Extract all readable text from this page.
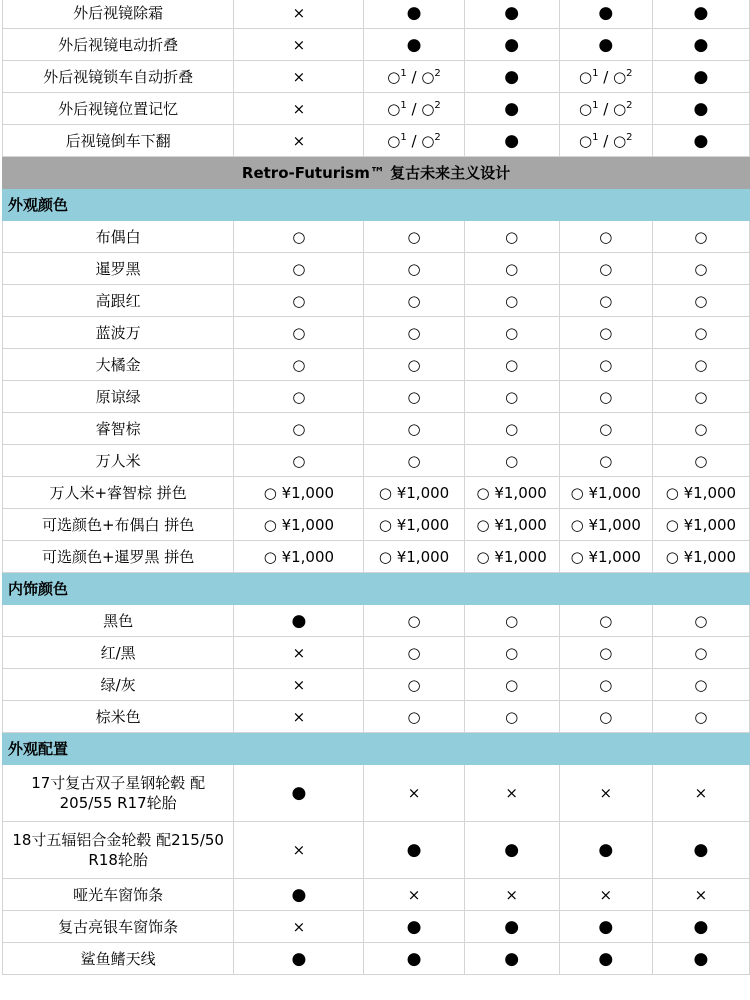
外后视镜除霜	×	●	●	●	●
外后视镜电动折叠	×	●	●	●	●
外后视镜锁车自动折叠	×	○$^1$ / ○$^2$	●	○$^1$ / ○$^2$	●
外后视镜位置记忆	×	○$^1$ / ○$^2$	●	○$^1$ / ○$^2$	●
后视镜倒车下翻	×	○$^1$ / ○$^2$	●	○$^1$ / ○$^2$	●
Retro-Futurism™ 复古未来主义设计					
外观颜色					
布偶白	○	○	○	○	○
暹罗黑	○	○	○	○	○
高跟红	○	○	○	○	○
蓝波万	○	○	○	○	○
大橘金	○	○	○	○	○
原谅绿	○	○	○	○	○
睿智棕	○	○	○	○	○
万人米	○	○	○	○	○
万人米+睿智棕 拼色	○ ¥1,000	○ ¥1,000	○ ¥1,000	○ ¥1,000	○ ¥1,000
可选颜色+布偶白 拼色	○ ¥1,000	○ ¥1,000	○ ¥1,000	○ ¥1,000	○ ¥1,000
可选颜色+暹罗黑 拼色	○ ¥1,000	○ ¥1,000	○ ¥1,000	○ ¥1,000	○ ¥1,000
内饰颜色					
黑色	●	○	○	○	○
红/黑	×	○	○	○	○
绿/灰	×	○	○	○	○
棕米色	×	○	○	○	○
外观配置					
17寸复古双子星钢轮毂 配205/55 R17轮胎	●	×	×	×	×
18寸五辐铝合金轮毂 配215/50 R18轮胎	×	●	●	●	●
哑光车窗饰条	●	×	×	×	×
复古亮银车窗饰条	×	●	●	●	●
鲨鱼鳍天线	●	●	●	●	●
